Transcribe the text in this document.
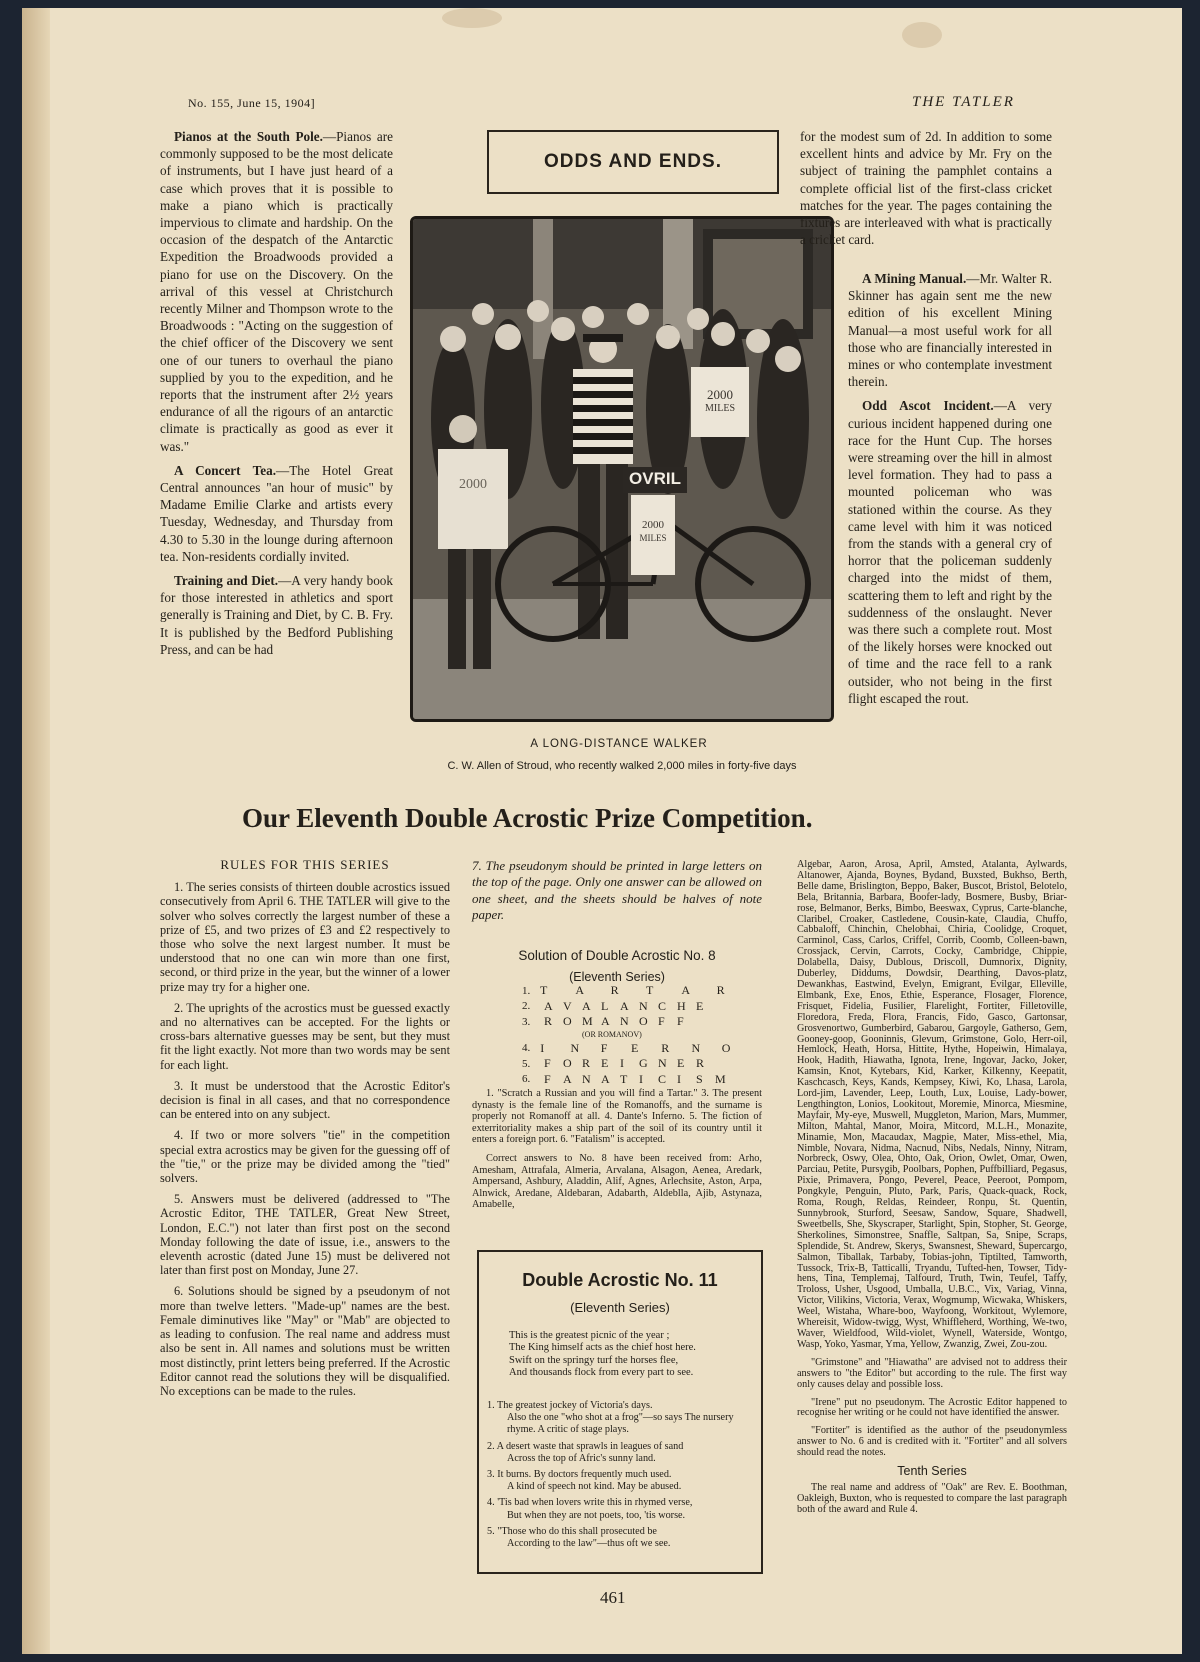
No. 155, June 15, 1904]	THE TATLER

Pianos at the South Pole.—Pianos are commonly supposed to be the most delicate of instruments, but I have just heard of a case which proves that it is possible to make a piano which is practically impervious to climate and hardship. On the occasion of the despatch of the Antarctic Expedition the Broadwoods provided a piano for use on the Discovery. On the arrival of this vessel at Christchurch recently Milner and Thompson wrote to the Broadwoods : "Acting on the suggestion of the chief officer of the Discovery we sent one of our tuners to overhaul the piano supplied by you to the expedition, and he reports that the instrument after 2½ years endurance of all the rigours of an antarctic climate is practically as good as ever it was."

A Concert Tea.—The Hotel Great Central announces "an hour of music" by Madame Emilie Clarke and artists every Tuesday, Wednesday, and Thursday from 4.30 to 5.30 in the lounge during afternoon tea. Non-residents cordially invited.

Training and Diet.—A very handy book for those interested in athletics and sport generally is Training and Diet, by C. B. Fry. It is published by the Bedford Publishing Press, and can be had

ODDS AND ENDS.
OVRIL
2000
MILES
2000
MILES
2000
A LONG-DISTANCE WALKER
C. W. Allen of Stroud, who recently walked 2,000 miles in forty-five days

for the modest sum of 2d. In addition to some excellent hints and advice by Mr. Fry on the subject of training the pamphlet contains a complete official list of the first-class cricket matches for the year. The pages containing the fixtures are interleaved with what is practically a cricket card.

A Mining Manual.—Mr. Walter R. Skinner has again sent me the new edition of his excellent Mining Manual—a most useful work for all those who are financially interested in mines or who contemplate investment therein.

Odd Ascot Incident.—A very curious incident happened during one race for the Hunt Cup. The horses were streaming over the hill in almost level formation. They had to pass a mounted policeman who was stationed within the course. As they came level with him it was noticed from the stands with a general cry of horror that the policeman suddenly charged into the midst of them, scattering them to left and right by the suddenness of the onslaught. Never was there such a complete rout. Most of the likely horses were knocked out of time and the race fell to a rank outsider, who not being in the first flight escaped the rout.

Our Eleventh Double Acrostic Prize Competition.
RULES FOR THIS SERIES

1. The series consists of thirteen double acrostics issued consecutively from April 6. THE TATLER will give to the solver who solves correctly the largest number of these a prize of £5, and two prizes of £3 and £2 respectively to those who solve the next largest number. It must be understood that no one can win more than one first, second, or third prize in the year, but the winner of a lower prize may try for a higher one.

2. The uprights of the acrostics must be guessed exactly and no alternatives can be accepted. For the lights or cross-bars alternative guesses may be sent, but they must fit the light exactly. Not more than two words may be sent for each light.

3. It must be understood that the Acrostic Editor's decision is final in all cases, and that no correspondence can be entered into on any subject.

4. If two or more solvers "tie" in the competition special extra acrostics may be given for the guessing off of the "tie," or the prize may be divided among the "tied" solvers.

5. Answers must be delivered (addressed to "The Acrostic Editor, THE TATLER, Great New Street, London, E.C.") not later than first post on the second Monday following the date of issue, i.e., answers to the eleventh acrostic (dated June 15) must be delivered not later than first post on Monday, June 27.

6. Solutions should be signed by a pseudonym of not more than twelve letters. "Made-up" names are the best. Female diminutives like "May" or "Mab" are objected to as leading to confusion. The real name and address must also be sent in. All names and solutions must be written most distinctly, print letters being preferred. If the Acrostic Editor cannot read the solutions they will be disqualified. No exceptions can be made to the rules.

7. The pseudonym should be printed in large letters on the top of the page. Only one answer can be allowed on one sheet, and the sheets should be halves of note paper.
Solution of Double Acrostic No. 8
(Eleventh Series)
1. T	A	R	T	A	R
2.	A V A L A N C H E
3.	R O M A N O F	F
(OR ROMANOV)
4. I	N	F	E	R	N	O
5.	F	O R E I	G N E R
6.	F	A N A T I	C I	S	M

1. "Scratch a Russian and you will find a Tartar." 3. The present dynasty is the female line of the Romanoffs, and the surname is properly not Romanoff at all. 4. Dante's Inferno. 5. The fiction of exterritoriality makes a ship part of the soil of its country until it enters a foreign port. 6. "Fatalism" is accepted.

Correct answers to No. 8 have been received from: Arho, Amesham, Attrafala, Almeria, Arvalana, Alsagon, Aenea, Aredark, Ampersand, Ashbury, Aladdin, Alif, Agnes, Arlechsite, Aston, Arpa, Alnwick, Aredane, Aldebaran, Adabarth, Aldeblla, Ajib, Astynaza, Amabelle,

Double Acrostic No. 11
(Eleventh Series)
This is the greatest picnic of the year ;
The King himself acts as the chief host here.
Swift on the springy turf the horses flee,
And thousands flock from every part to see.
1. The greatest jockey of Victoria's days.
Also the one "who shot at a frog"—so says The nursery rhyme. A critic of stage plays.
2. A desert waste that sprawls in leagues of sand
Across the top of Afric's sunny land.
3. It burns. By doctors frequently much used.
A kind of speech not kind. May be abused.
4. 'Tis bad when lovers write this in rhymed verse,
But when they are not poets, too, 'tis worse.
5. "Those who do this shall prosecuted be
According to the law"—thus oft we see.

Algebar, Aaron, Arosa, April, Amsted, Atalanta, Aylwards, Altanower, Ajanda, Boynes, Bydand, Buxsted, Bukhso, Berth, Belle dame, Brislington, Beppo, Baker, Buscot, Bristol, Belotelo, Bela, Britannia, Barbara, Boofer-lady, Bosmere, Busby, Briar-rose, Belmanor, Berks, Bimbo, Beeswax, Cyprus, Carte-blanche, Claribel, Croaker, Castledene, Cousin-kate, Claudia, Chuffo, Cabbaloff, Chinchin, Chelobhai, Chiria, Coolidge, Croquet, Carminol, Cass, Carlos, Criffel, Corrib, Coomb, Colleen-bawn, Crossjack, Cervin, Carrots, Cocky, Cambridge, Chippie, Dolabella, Daisy, Dublous, Driscoll, Dumnorix, Dignity, Duberley, Diddums, Dowdsir, Dearthing, Davos-platz, Dewankhas, Eastwind, Evelyn, Emigrant, Evilgar, Elleville, Elmbank, Exe, Enos, Ethie, Esperance, Flosager, Florence, Frisquet, Fidelia, Fusilier, Flarelight, Fortiter, Filletoville, Floredora, Freda, Flora, Francis, Fido, Gasco, Gartonsar, Grosvenortwo, Gumberbird, Gabarou, Gargoyle, Gatherso, Gem, Gooney-goop, Gooninnis, Glevum, Grimstone, Golo, Herr-oil, Hemlock, Heath, Horsa, Hittite, Hythe, Hopeiwin, Himalaya, Hook, Hadith, Hiawatha, Ignota, Irene, Ingovar, Jacko, Joker, Kamsin, Knot, Kytebars, Kid, Karker, Kilkenny, Keepatit, Kaschcasch, Keys, Kands, Kempsey, Kiwi, Ko, Lhasa, Larola, Lord-jim, Lavender, Leep, Louth, Lux, Louise, Lady-bower, Lengthington, Lonios, Lookitout, Moremie, Minorca, Miesmine, Mayfair, My-eye, Muswell, Muggleton, Marion, Mars, Mummer, Milton, Mahtal, Manor, Moira, Mitcord, M.L.H., Monazite, Minamie, Mon, Macaudax, Magpie, Mater, Miss-ethel, Mia, Nimble, Novara, Nidma, Nacnud, Nibs, Nedals, Ninny, Nitram, Norbreck, Oswy, Olea, Ohto, Oak, Orion, Owlet, Omar, Owen, Parciau, Petite, Pursygib, Poolbars, Pophen, Puffbilliard, Pegasus, Pixie, Primavera, Pongo, Peverel, Peace, Peeroot, Pompom, Pongkyle, Penguin, Pluto, Park, Paris, Quack-quack, Rock, Roma, Rough, Reldas, Reindeer, Ronpu, St. Quentin, Sunnybrook, Sturford, Seesaw, Sandow, Square, Shadwell, Sweetbells, She, Skyscraper, Starlight, Spin, Stopher, St. George, Sherkolines, Simonstree, Snaffle, Saltpan, Sa, Snipe, Scraps, Splendide, St. Andrew, Skerys, Swansnest, Sheward, Supercargo, Salmon, Tiballak, Tarbaby, Tobias-john, Tiptilted, Tamworth, Tussock, Trix-B, Tatticalli, Tryandu, Tufted-hen, Towser, Tidy-hens, Tina, Templemaj, Talfourd, Truth, Twin, Teufel, Taffy, Troloss, Usher, Usgood, Umballa, U.B.C., Vix, Variag, Vinna, Victor, Vilikins, Victoria, Verax, Wogmump, Wicwaka, Whiskers, Weel, Wistaha, Whare-boo, Wayfoong, Workitout, Wylemore, Whereisit, Widow-twigg, Wyst, Whiffleherd, Worthing, We-two, Waver, Wieldfood, Wild-violet, Wynell, Waterside, Wontgo, Wasp, Yoko, Yasmar, Yma, Yellow, Zwanzig, Zwei, Zou-zou.

"Grimstone" and "Hiawatha" are advised not to address their answers to "the Editor" but according to the rule. The first way only causes delay and possible loss.

"Irene" put no pseudonym. The Acrostic Editor happened to recognise her writing or he could not have identified the answer.

"Fortiter" is identified as the author of the pseudonymless answer to No. 6 and is credited with it. "Fortiter" and all solvers should read the notes.

Tenth Series

The real name and address of "Oak" are Rev. E. Boothman, Oakleigh, Buxton, who is requested to compare the last paragraph both of the award and Rule 4.

461
